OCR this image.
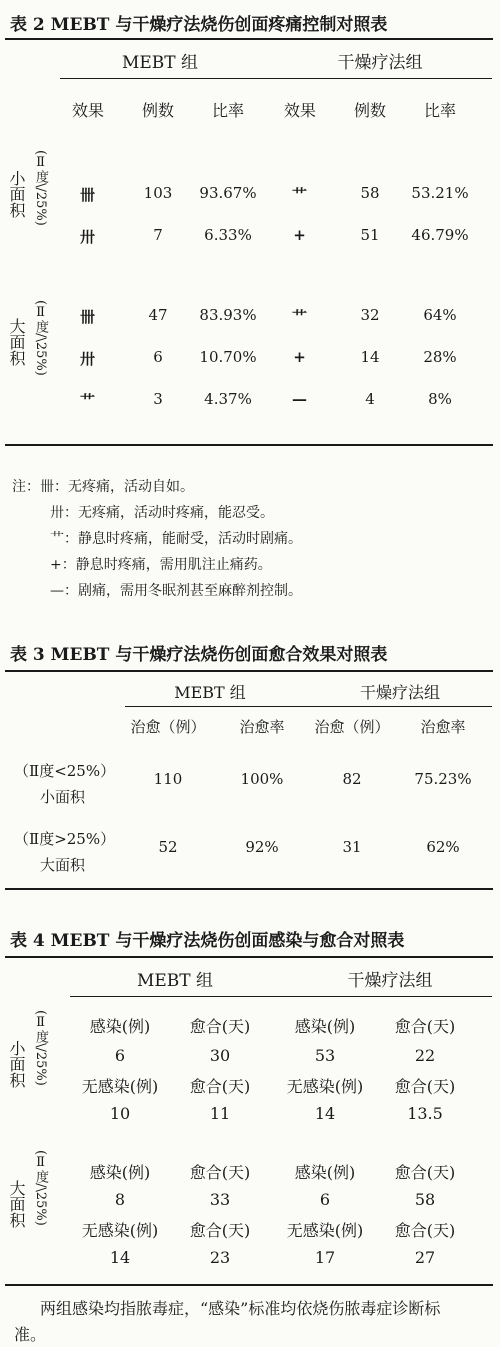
表 2 MEBT 与干燥疗法烧伤创面疼痛控制对照表
MEBT 组	干燥疗法组
效果 例数 比率 效果 例数 比率
小面积 (Ⅱ度\/25%) 卌	103 93.67% 艹	58 53.21%
卅	7	6.33%	+	51 46.79%
大面积 (Ⅱ度/\25%) 卌	47 83.93% 艹	32	64%
卅	6 10.70% +	14	28%
艹	3	4.37%	—	4	8%
注：卌：无疼痛，活动自如。
卅：无疼痛，活动时疼痛，能忍受。
艹：静息时疼痛，能耐受，活动时剧痛。
+：静息时疼痛，需用肌注止痛药。
—：剧痛，需用冬眠剂甚至麻醉剂控制。
表 3 MEBT 与干燥疗法烧伤创面愈合效果对照表
MEBT 组	干燥疗法组
治愈（例） 治愈率 治愈（例） 治愈率
（Ⅱ度<25%）
小面积
110	100%	82	75.23%
（Ⅱ度>25%）
大面积
52	92%	31	62%
表 4 MEBT 与干燥疗法烧伤创面感染与愈合对照表
MEBT 组	干燥疗法组
小面积 (Ⅱ度\/25%)
大面积 (Ⅱ度/\25%)
感染(例) 愈合(天)	感染(例) 愈合(天)
6	30	53	22
无感染(例) 愈合(天) 无感染(例) 愈合(天)
10	11	14	13.5
感染(例) 愈合(天)	感染(例) 愈合(天)
8	33	6	58
无感染(例) 愈合(天) 无感染(例) 愈合(天)
14	23	17	27
两组感染均指脓毒症，“感染”标准均依烧伤脓毒症诊断标
准。
